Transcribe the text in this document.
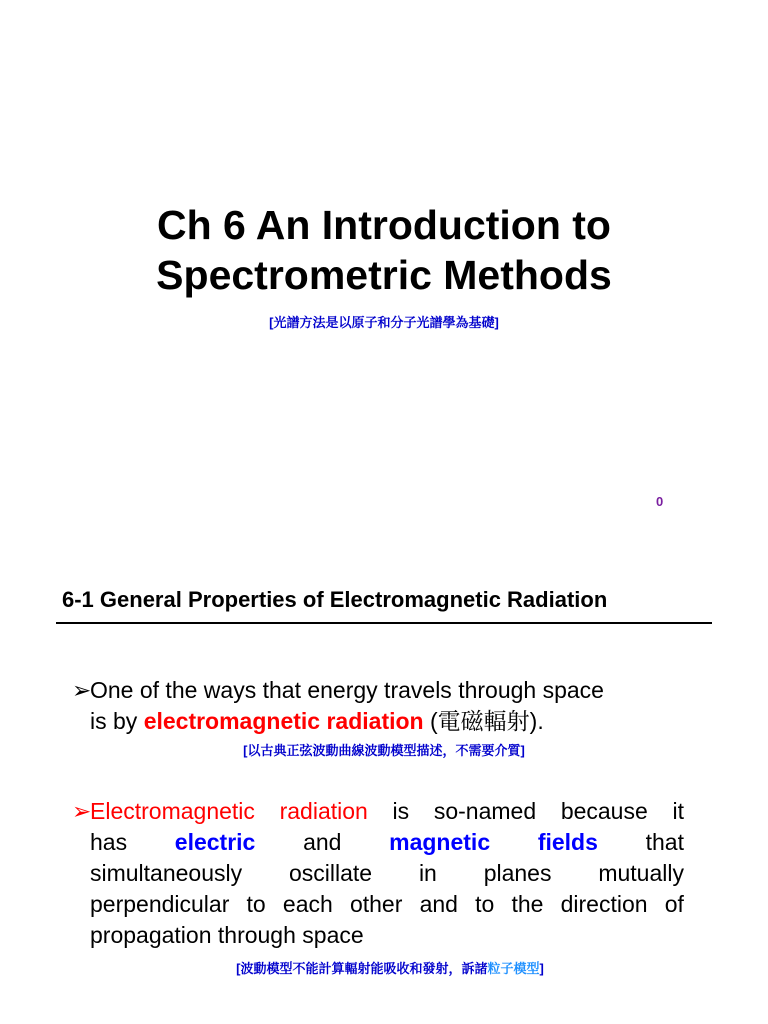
Ch 6 An Introduction to
Spectrometric Methods
[光譜方法是以原子和分子光譜學為基礎]
0
6-1 General Properties of Electromagnetic Radiation
➢One of the ways that energy travels through space
is by electromagnetic radiation (電磁輻射).
[以古典正弦波動曲線波動模型描述，不需要介質]
➢Electromagnetic radiation is so-named because it
has electric and magnetic fields that
simultaneously oscillate in planes mutually
perpendicular to each other and to the direction of
propagation through space
[波動模型不能計算輻射能吸收和發射，訴諸粒子模型]
